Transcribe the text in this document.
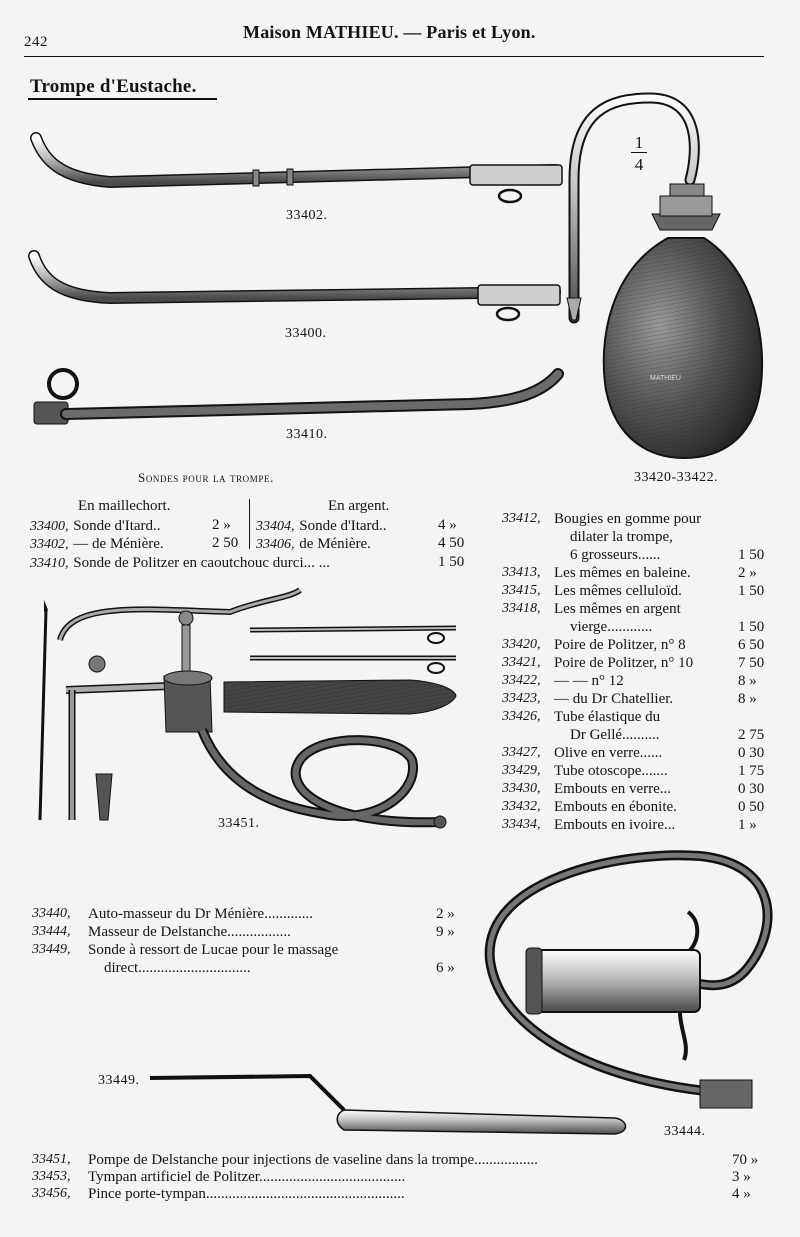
242	Maison MATHIEU. — Paris et Lyon.
Trompe d'Eustache.
MATHIEU
33402.
33400.
33410.
1
4
Sondes pour la trompe.	33420-33422.
En maillechort.	En argent.
33400, Sonde d'Itard..	2 »
33402, — de Ménière.	2 50
33404, Sonde d'Itard..	4 »
33406, de Ménière.	4 50
33410, Sonde de Politzer en caoutchouc durci... ...	1 50
33412, Bougies en gomme pour
dilater la trompe,
6 grosseurs......	1 50
33413, Les mêmes en baleine.	2 »
33415, Les mêmes celluloïd.	1 50
33418, Les mêmes en argent
vierge............	1 50
33420, Poire de Politzer, n° 8	6 50
33421, Poire de Politzer, n° 10	7 50
33422, — — n° 12	8 »
33423, — du Dr Chatellier.	8 »
33426, Tube élastique du
Dr Gellé..........	2 75
33427, Olive en verre......	0 30
33429, Tube otoscope.......	1 75
33430, Embouts en verre...	0 30
33432, Embouts en ébonite.	0 50
33434, Embouts en ivoire...	1 »
33451.
33440, Auto-masseur du Dr Ménière.............	2 »
33444, Masseur de Delstanche.................	9 »
33449, Sonde à ressort de Lucae pour le massage
direct..............................	6 »
33449.
33444.
33451, Pompe de Delstanche pour injections de vaseline dans la trompe.................	70 »
33453, Tympan artificiel de Politzer.......................................	3 »
33456, Pince porte-tympan.....................................................	4 »
